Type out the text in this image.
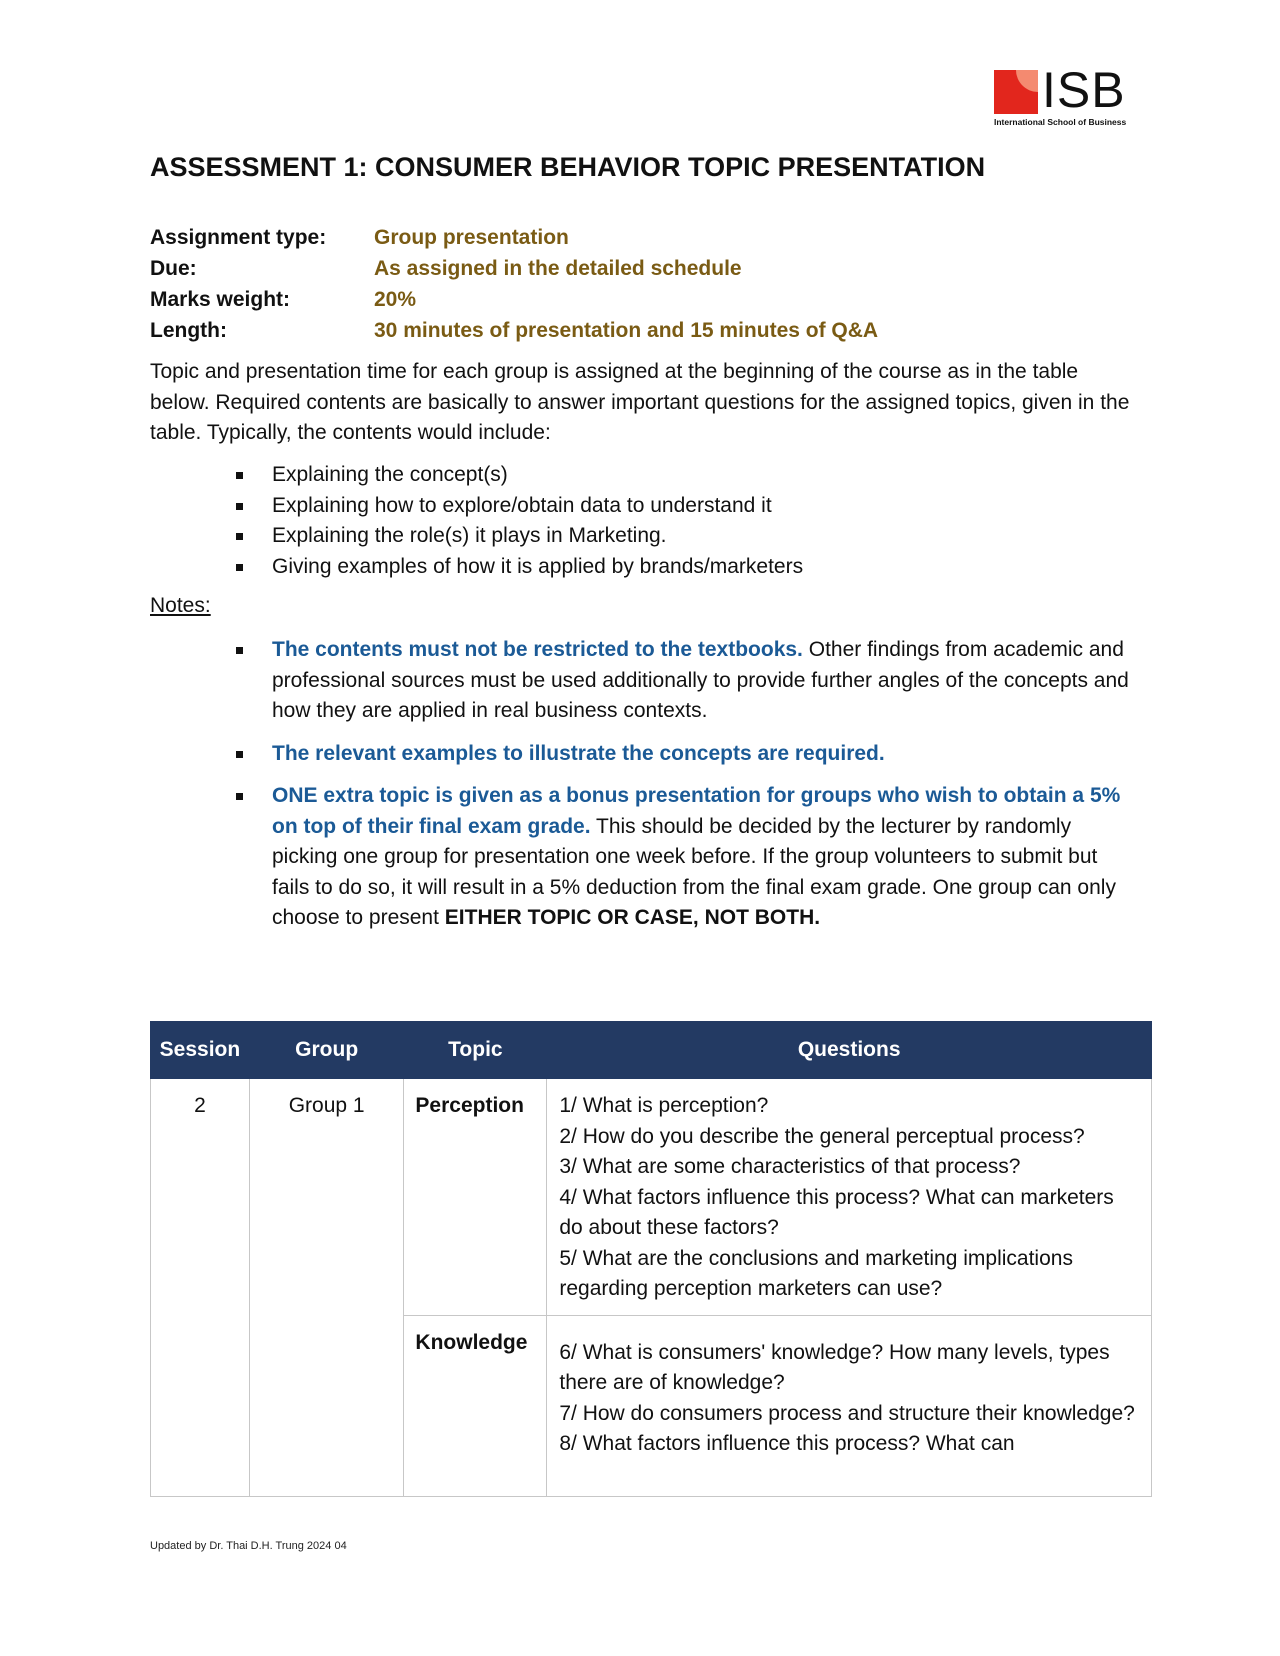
ISB
International School of Business
ASSESSMENT 1: CONSUMER BEHAVIOR TOPIC PRESENTATION
Assignment type:	Group presentation
Due:	As assigned in the detailed schedule
Marks weight:	20%
Length:	30 minutes of presentation and 15 minutes of Q&A

Topic and presentation time for each group is assigned at the beginning of the course as in the table below. Required contents are basically to answer important questions for the assigned topics, given in the table. Typically, the contents would include:

Explaining the concept(s)
Explaining how to explore/obtain data to understand it
Explaining the role(s) it plays in Marketing.
Giving examples of how it is applied by brands/marketers

Notes:

The contents must not be restricted to the textbooks. Other findings from academic and professional sources must be used additionally to provide further angles of the concepts and how they are applied in real business contexts.
The relevant examples to illustrate the concepts are required.
ONE extra topic is given as a bonus presentation for groups who wish to obtain a 5% on top of their final exam grade. This should be decided by the lecturer by randomly picking one group for presentation one week before. If the group volunteers to submit but fails to do so, it will result in a 5% deduction from the final exam grade. One group can only choose to present EITHER TOPIC OR CASE, NOT BOTH.
Session	Group	Topic	Questions
2	Group 1	Perception	1/ What is perception?
2/ How do you describe the general perceptual process?
3/ What are some characteristics of that process?
4/ What factors influence this process? What can marketers do about these factors?
5/ What are the conclusions and marketing implications regarding perception marketers can use?

		Knowledge	6/ What is consumers' knowledge? How many levels, types there are of knowledge?
7/ How do consumers process and structure their knowledge?
8/ What factors influence this process? What can
Updated by Dr. Thai D.H. Trung 2024 04
